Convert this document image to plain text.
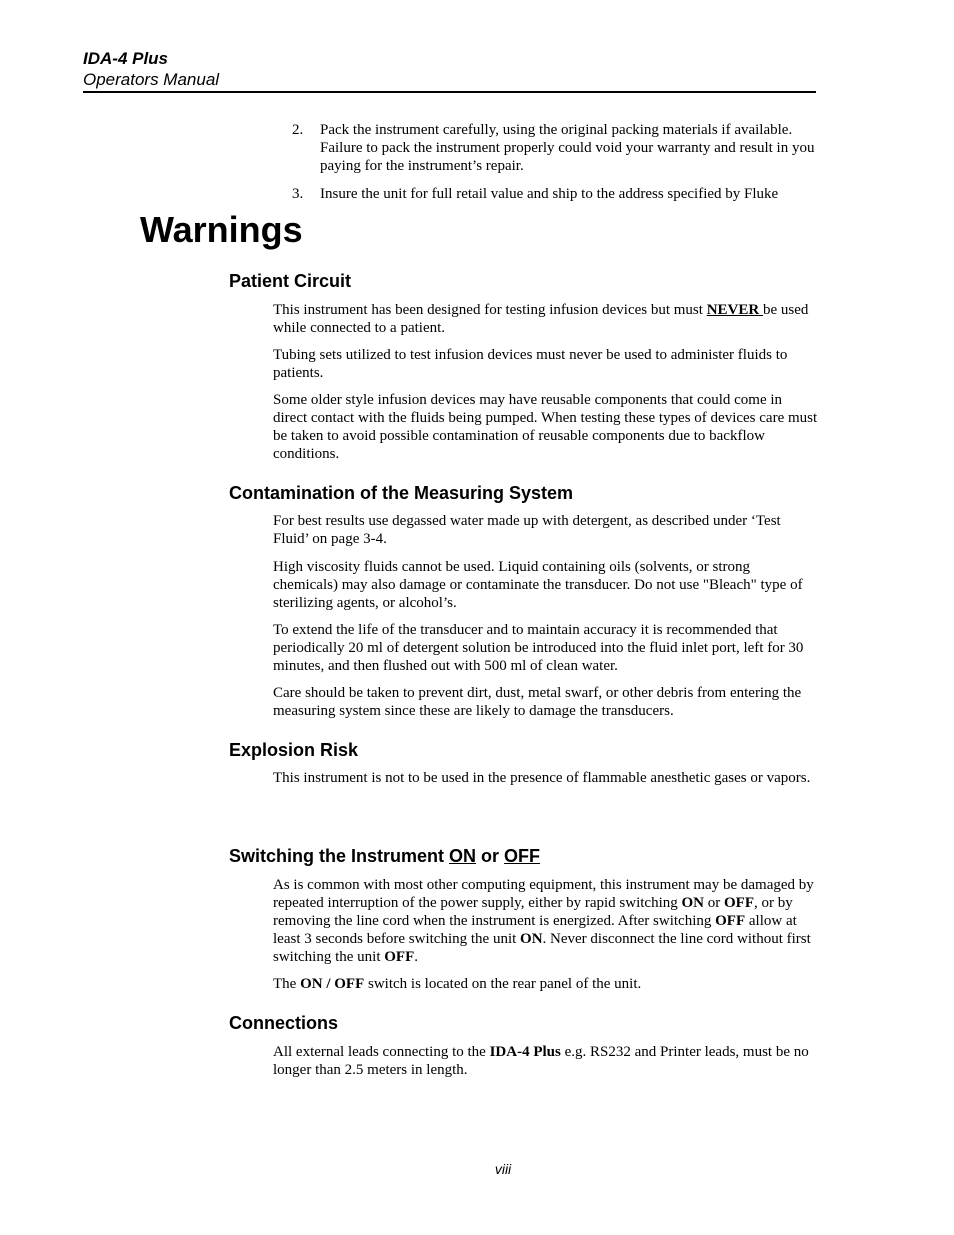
IDA-4 Plus
Operators Manual
2. Pack the instrument carefully, using the original packing materials if available. Failure to pack the instrument properly could void your warranty and result in you paying for the instrument’s repair.
3. Insure the unit for full retail value and ship to the address specified by Fluke
Warnings
Patient Circuit

This instrument has been designed for testing infusion devices but must NEVER be used while connected to a patient.

Tubing sets utilized to test infusion devices must never be used to administer fluids to patients.

Some older style infusion devices may have reusable components that could come in direct contact with the fluids being pumped. When testing these types of devices care must be taken to avoid possible contamination of reusable components due to backflow conditions.

Contamination of the Measuring System

For best results use degassed water made up with detergent, as described under ‘Test Fluid’ on page 3-4.

High viscosity fluids cannot be used. Liquid containing oils (solvents, or strong chemicals) may also damage or contaminate the transducer. Do not use "Bleach" type of sterilizing agents, or alcohol’s.

To extend the life of the transducer and to maintain accuracy it is recommended that periodically 20 ml of detergent solution be introduced into the fluid inlet port, left for 30 minutes, and then flushed out with 500 ml of clean water.

Care should be taken to prevent dirt, dust, metal swarf, or other debris from entering the measuring system since these are likely to damage the transducers.

Explosion Risk

This instrument is not to be used in the presence of flammable anesthetic gases or vapors.

Switching the Instrument ON or OFF

As is common with most other computing equipment, this instrument may be damaged by repeated interruption of the power supply, either by rapid switching ON or OFF, or by removing the line cord when the instrument is energized. After switching OFF allow at least 3 seconds before switching the unit ON. Never disconnect the line cord without first switching the unit OFF.

The ON / OFF switch is located on the rear panel of the unit.

Connections

All external leads connecting to the IDA-4 Plus e.g. RS232 and Printer leads, must be no longer than 2.5 meters in length.

viii
